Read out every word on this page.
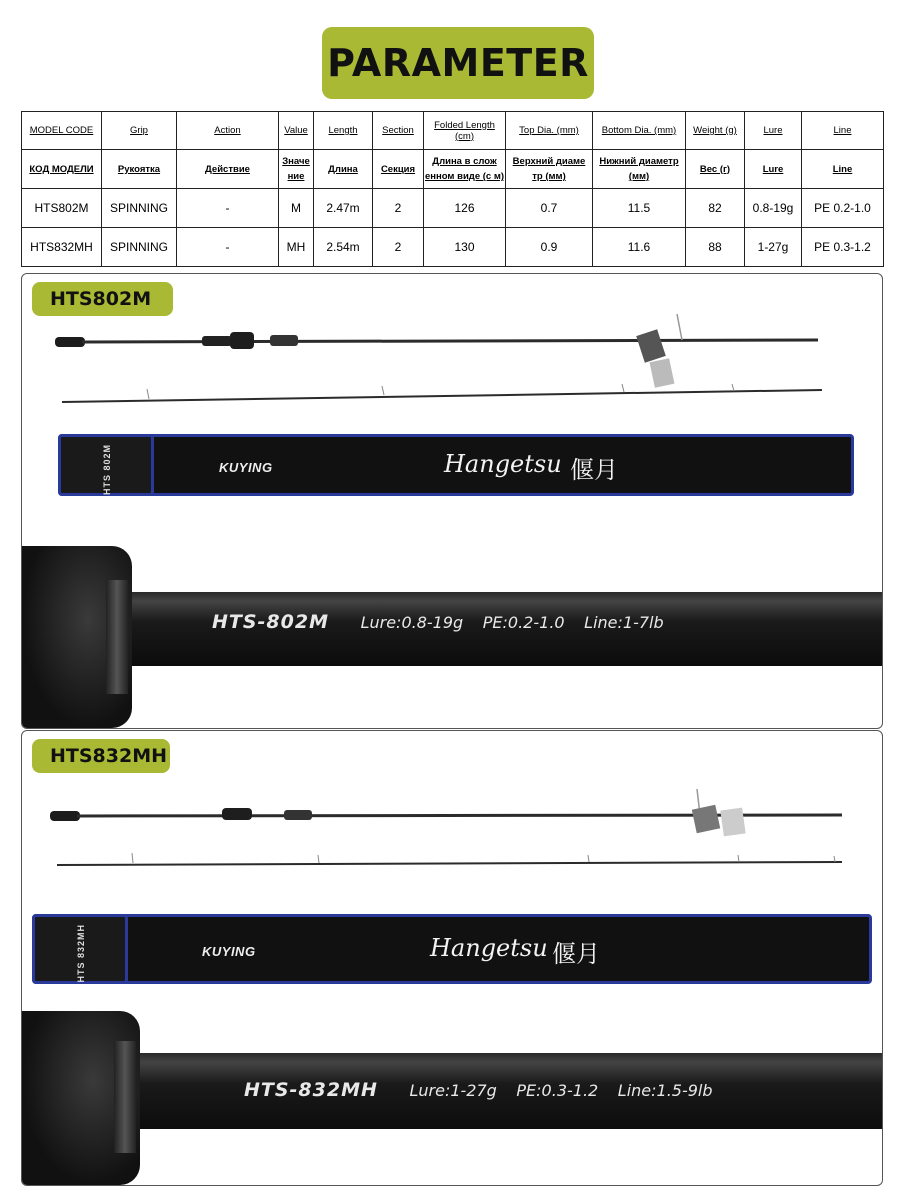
PARAMETER
MODEL CODE	Grip	Action	Value	Length	Section	Folded Length (cm)	Top Dia. (mm)	Bottom Dia. (mm)	Weight (g)	Lure	Line
КОД МОДЕЛИ	Рукоятка	Действие	Значе ние	Длина	Секция	Длина в слож енном виде (с м)	Верхний диаме тр (мм)	Нижний диаметр (мм)	Вес (г)	Lure	Line
HTS802M	SPINNING	-	M	2.47m	2	126	0.7	11.5	82	0.8-19g	PE 0.2-1.0
HTS832MH	SPINNING	-	MH	2.54m	2	130	0.9	11.6	88	1-27g	PE 0.3-1.2
HTS802M
HTS 802M	KUYING	Hangetsu 偃月
HTS-802M Lure:0.8-19g PE:0.2-1.0 Line:1-7lb
HTS832MH
HTS 832MH	KUYING	Hangetsu 偃月
HTS-832MH Lure:1-27g PE:0.3-1.2 Line:1.5-9lb
